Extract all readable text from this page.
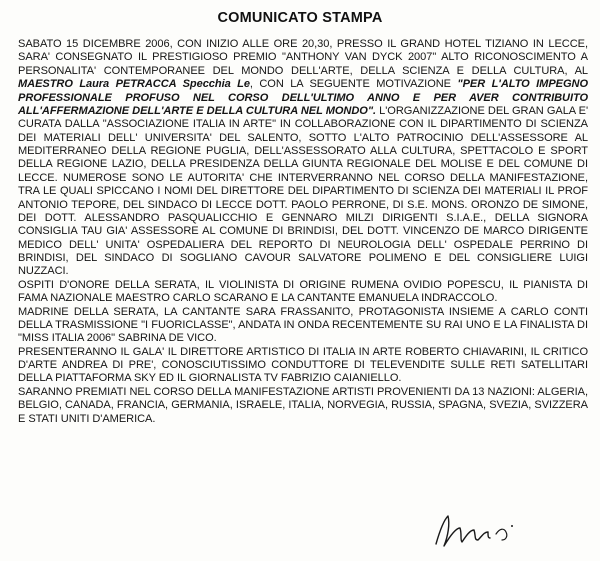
COMUNICATO STAMPA

SABATO 15 DICEMBRE 2006, CON INIZIO ALLE ORE 20,30, PRESSO IL GRAND HOTEL TIZIANO IN LECCE, SARA' CONSEGNATO IL PRESTIGIOSO PREMIO "ANTHONY VAN DYCK 2007" ALTO RICONOSCIMENTO A PERSONALITA' CONTEMPORANEE DEL MONDO DELL'ARTE, DELLA SCIENZA E DELLA CULTURA, AL MAESTRO Laura PETRACCA Specchia Le, CON LA SEGUENTE MOTIVAZIONE "PER L'ALTO IMPEGNO PROFESSIONALE PROFUSO NEL CORSO DELL'ULTIMO ANNO E PER AVER CONTRIBUITO ALL'AFFERMAZIONE DELL'ARTE E DELLA CULTURA NEL MONDO". L'ORGANIZZAZIONE DEL GRAN GALA E' CURATA DALLA "ASSOCIAZIONE ITALIA IN ARTE" IN COLLABORAZIONE CON IL DIPARTIMENTO DI SCIENZA DEI MATERIALI DELL' UNIVERSITA' DEL SALENTO, SOTTO L'ALTO PATROCINIO DELL'ASSESSORE AL MEDITERRANEO DELLA REGIONE PUGLIA, DELL'ASSESSORATO ALLA CULTURA, SPETTACOLO E SPORT DELLA REGIONE LAZIO, DELLA PRESIDENZA DELLA GIUNTA REGIONALE DEL MOLISE E DEL COMUNE DI LECCE. NUMEROSE SONO LE AUTORITA' CHE INTERVERRANNO NEL CORSO DELLA MANIFESTAZIONE, TRA LE QUALI SPICCANO I NOMI DEL DIRETTORE DEL DIPARTIMENTO DI SCIENZA DEI MATERIALI IL PROF ANTONIO TEPORE, DEL SINDACO DI LECCE DOTT. PAOLO PERRONE, DI S.E. MONS. ORONZO DE SIMONE, DEI DOTT. ALESSANDRO PASQUALICCHIO E GENNARO MILZI DIRIGENTI S.I.A.E., DELLA SIGNORA CONSIGLIA TAU GIA' ASSESSORE AL COMUNE DI BRINDISI, DEL DOTT. VINCENZO DE MARCO DIRIGENTE MEDICO DELL' UNITA' OSPEDALIERA DEL REPORTO DI NEUROLOGIA DELL' OSPEDALE PERRINO DI BRINDISI, DEL SINDACO DI SOGLIANO CAVOUR SALVATORE POLIMENO E DEL CONSIGLIERE LUIGI NUZZACI.

OSPITI D'ONORE DELLA SERATA, IL VIOLINISTA DI ORIGINE RUMENA OVIDIO POPESCU, IL PIANISTA DI FAMA NAZIONALE MAESTRO CARLO SCARANO E LA CANTANTE EMANUELA INDRACCOLO.

MADRINE DELLA SERATA, LA CANTANTE SARA FRASSANITO, PROTAGONISTA INSIEME A CARLO CONTI DELLA TRASMISSIONE "I FUORICLASSE", ANDATA IN ONDA RECENTEMENTE SU RAI UNO E LA FINALISTA DI "MISS ITALIA 2006" SABRINA DE VICO.

PRESENTERANNO IL GALA' IL DIRETTORE ARTISTICO DI ITALIA IN ARTE ROBERTO CHIAVARINI, IL CRITICO D'ARTE ANDREA DI PRE', CONOSCIUTISSIMO CONDUTTORE DI TELEVENDITE SULLE RETI SATELLITARI DELLA PIATTAFORMA SKY ED IL GIORNALISTA TV FABRIZIO CAIANIELLO.

SARANNO PREMIATI NEL CORSO DELLA MANIFESTAZIONE ARTISTI PROVENIENTI DA 13 NAZIONI: ALGERIA, BELGIO, CANADA, FRANCIA, GERMANIA, ISRAELE, ITALIA, NORVEGIA, RUSSIA, SPAGNA, SVEZIA, SVIZZERA E STATI UNITI D'AMERICA.
